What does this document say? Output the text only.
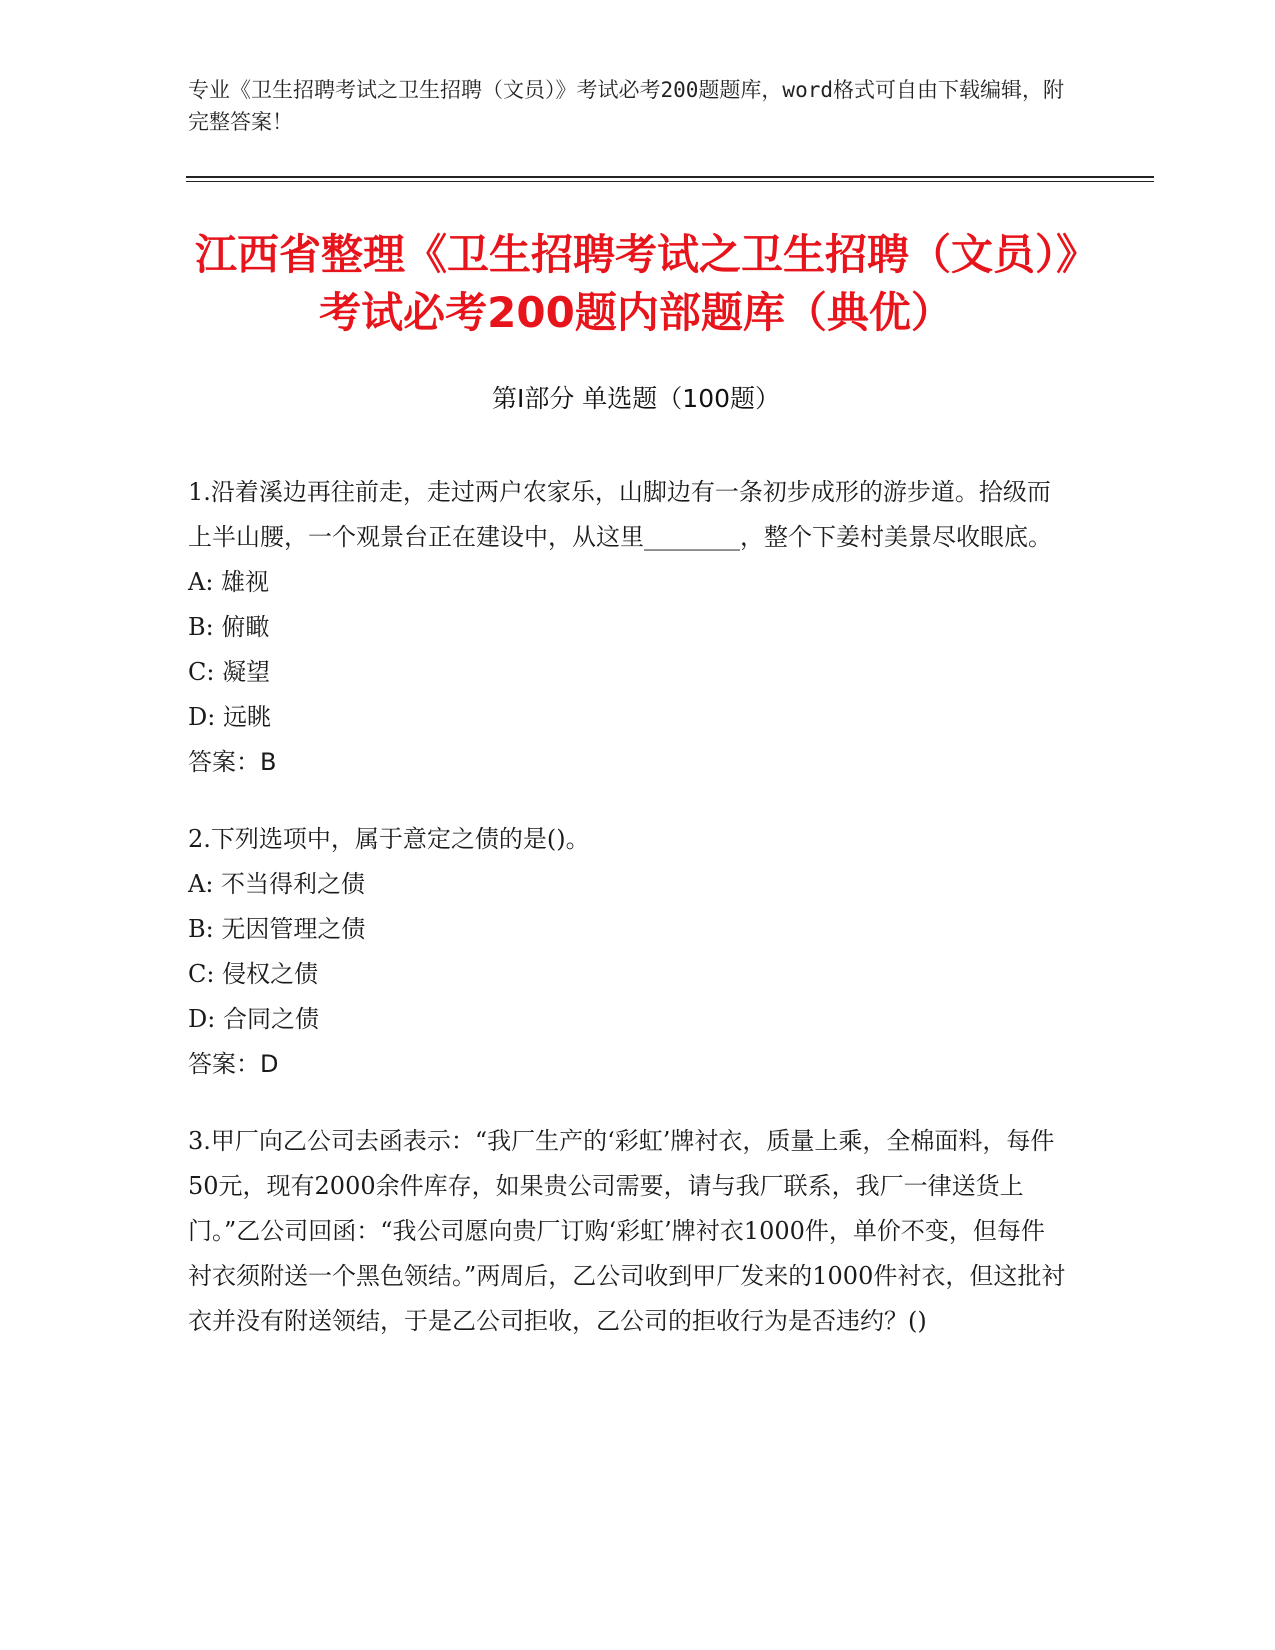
专业《卫生招聘考试之卫生招聘（文员）》考试必考200题题库，word格式可自由下载编辑，附完整答案！
江西省整理《卫生招聘考试之卫生招聘（文员）》考试必考200题内部题库（典优）
第I部分 单选题（100题）

1.沿着溪边再往前走，走过两户农家乐，山脚边有一条初步成形的游步道。拾级而上半山腰，一个观景台正在建设中，从这里________，整个下姜村美景尽收眼底。

A: 雄视

B: 俯瞰

C: 凝望

D: 远眺

答案：B

2.下列选项中，属于意定之债的是()。

A: 不当得利之债

B: 无因管理之债

C: 侵权之债

D: 合同之债

答案：D

3.甲厂向乙公司去函表示：“我厂生产的‘彩虹’牌衬衣，质量上乘，全棉面料，每件50元，现有2000余件库存，如果贵公司需要，请与我厂联系，我厂一律送货上门。”乙公司回函：“我公司愿向贵厂订购‘彩虹’牌衬衣1000件，单价不变，但每件衬衣须附送一个黑色领结。”两周后，乙公司收到甲厂发来的1000件衬衣，但这批衬衣并没有附送领结，于是乙公司拒收，乙公司的拒收行为是否违约？()
